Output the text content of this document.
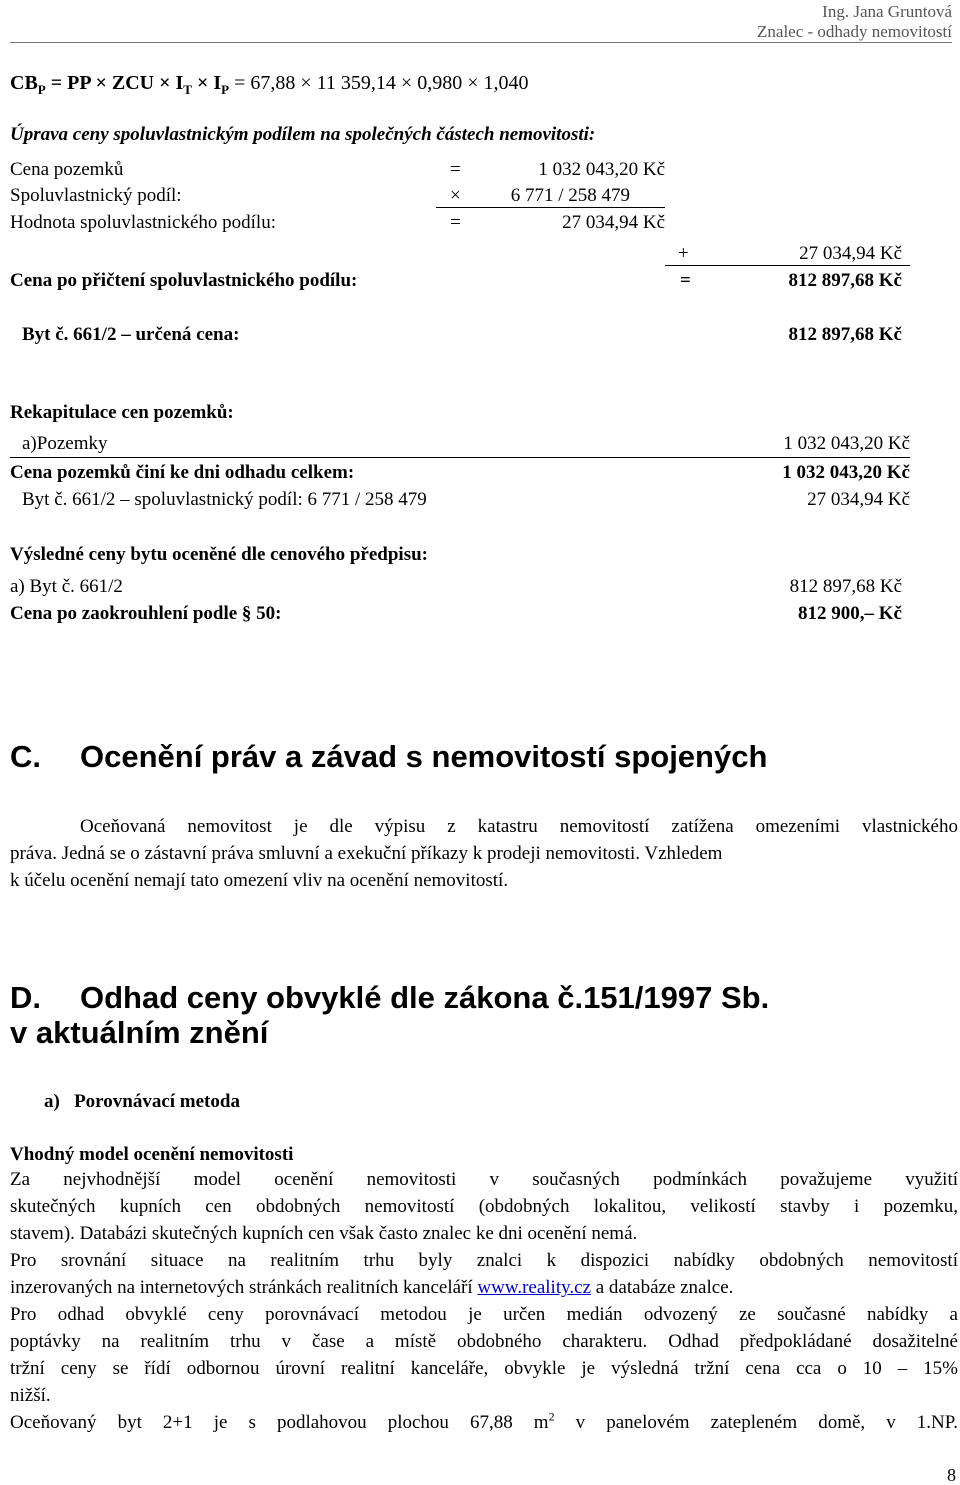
Ing. Jana Gruntová
Znalec - odhady nemovitostí
$CB_P$ = PP × ZCU × $I_T \times I_P = 67,88 \times 11$ 359,14 × 0,980 × 1,040
Úprava ceny spoluvlastnickým podílem na společných částech nemovitosti:
Cena pozemků	=	1 032 043,20 Kč
Spoluvlastnický podíl:	×	6 771 / 258 479
Hodnota spoluvlastnického podílu:	=	27 034,94 Kč
+	27 034,94 Kč
Cena po přičtení spoluvlastnického podílu:	=	812 897,68 Kč
Byt č. 661/2 – určená cena:	812 897,68 Kč
Rekapitulace cen pozemků:
a)Pozemky	1 032 043,20 Kč
Cena pozemků činí ke dni odhadu celkem:	1 032 043,20 Kč
Byt č. 661/2 – spoluvlastnický podíl: 6 771 / 258 479	27 034,94 Kč
Výsledné ceny bytu oceněné dle cenového předpisu:
a) Byt č. 661/2	812 897,68 Kč
Cena po zaokrouhlení podle § 50:	812 900,– Kč
C. Ocenění práv a závad s nemovitostí spojených
Oceňovaná nemovitost je dle výpisu z katastru nemovitostí zatížena omezeními vlastnického
práva. Jedná se o zástavní práva smluvní a exekuční příkazy k prodeji nemovitosti. Vzhledem
k účelu ocenění nemají tato omezení vliv na ocenění nemovitostí.
D. Odhad ceny obvyklé dle zákona č.151/1997 Sb.
v aktuálním znění
a)   Porovnávací metoda
Vhodný model ocenění nemovitosti
Za nejvhodnější model ocenění nemovitosti v současných podmínkách považujeme využití
skutečných kupních cen obdobných nemovitostí (obdobných lokalitou, velikostí stavby i pozemku,
stavem). Databázi skutečných kupních cen však často znalec ke dni ocenění nemá.
Pro srovnání situace na realitním trhu byly znalci k dispozici nabídky obdobných nemovitostí
inzerovaných na internetových stránkách realitních kanceláří www.reality.cz a databáze znalce.
Pro odhad obvyklé ceny porovnávací metodou je určen medián odvozený ze současné nabídky a
poptávky na realitním trhu v čase a místě obdobného charakteru. Odhad předpokládané dosažitelné
tržní ceny se řídí odbornou úrovní realitní kanceláře, obvykle je výsledná tržní cena cca o 10 – 15%
nižší.
Oceňovaný byt 2+1 je s podlahovou plochou 67,88 $m^2$ v panelovém zatepleném domě, v 1.NP.
8
